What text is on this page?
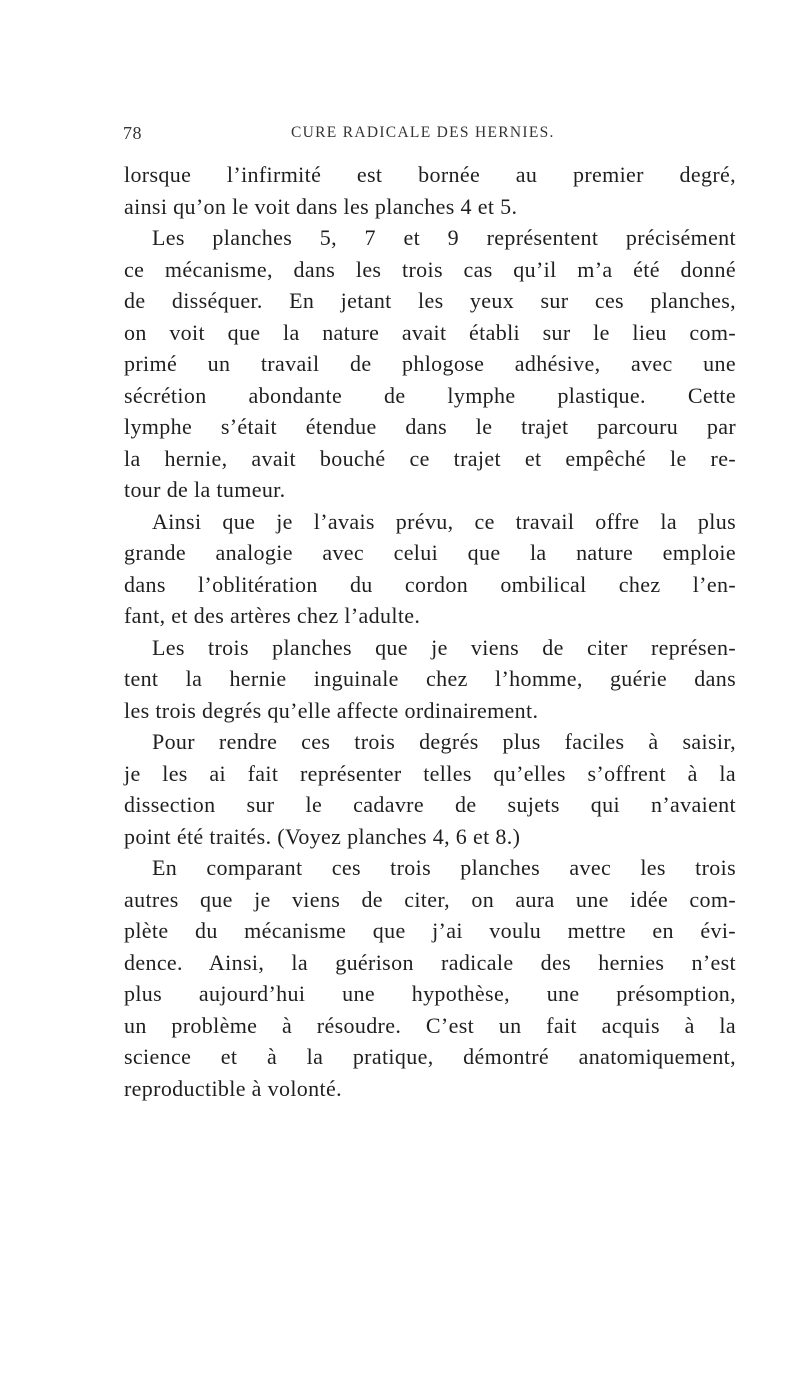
78	CURE RADICALE DES HERNIES.
lorsque l’infirmité est bornée au premier degré,
ainsi qu’on le voit dans les planches 4 et 5.
Les planches 5, 7 et 9 représentent précisément
ce mécanisme, dans les trois cas qu’il m’a été donné
de disséquer. En jetant les yeux sur ces planches,
on voit que la nature avait établi sur le lieu com-
primé un travail de phlogose adhésive, avec une
sécrétion abondante de lymphe plastique. Cette
lymphe s’était étendue dans le trajet parcouru par
la hernie, avait bouché ce trajet et empêché le re-
tour de la tumeur.
Ainsi que je l’avais prévu, ce travail offre la plus
grande analogie avec celui que la nature emploie
dans l’oblitération du cordon ombilical chez l’en-
fant, et des artères chez l’adulte.
Les trois planches que je viens de citer représen-
tent la hernie inguinale chez l’homme, guérie dans
les trois degrés qu’elle affecte ordinairement.
Pour rendre ces trois degrés plus faciles à saisir,
je les ai fait représenter telles qu’elles s’offrent à la
dissection sur le cadavre de sujets qui n’avaient
point été traités. (Voyez planches 4, 6 et 8.)
En comparant ces trois planches avec les trois
autres que je viens de citer, on aura une idée com-
plète du mécanisme que j’ai voulu mettre en évi-
dence. Ainsi, la guérison radicale des hernies n’est
plus aujourd’hui une hypothèse, une présomption,
un problème à résoudre. C’est un fait acquis à la
science et à la pratique, démontré anatomiquement,
reproductible à volonté.
